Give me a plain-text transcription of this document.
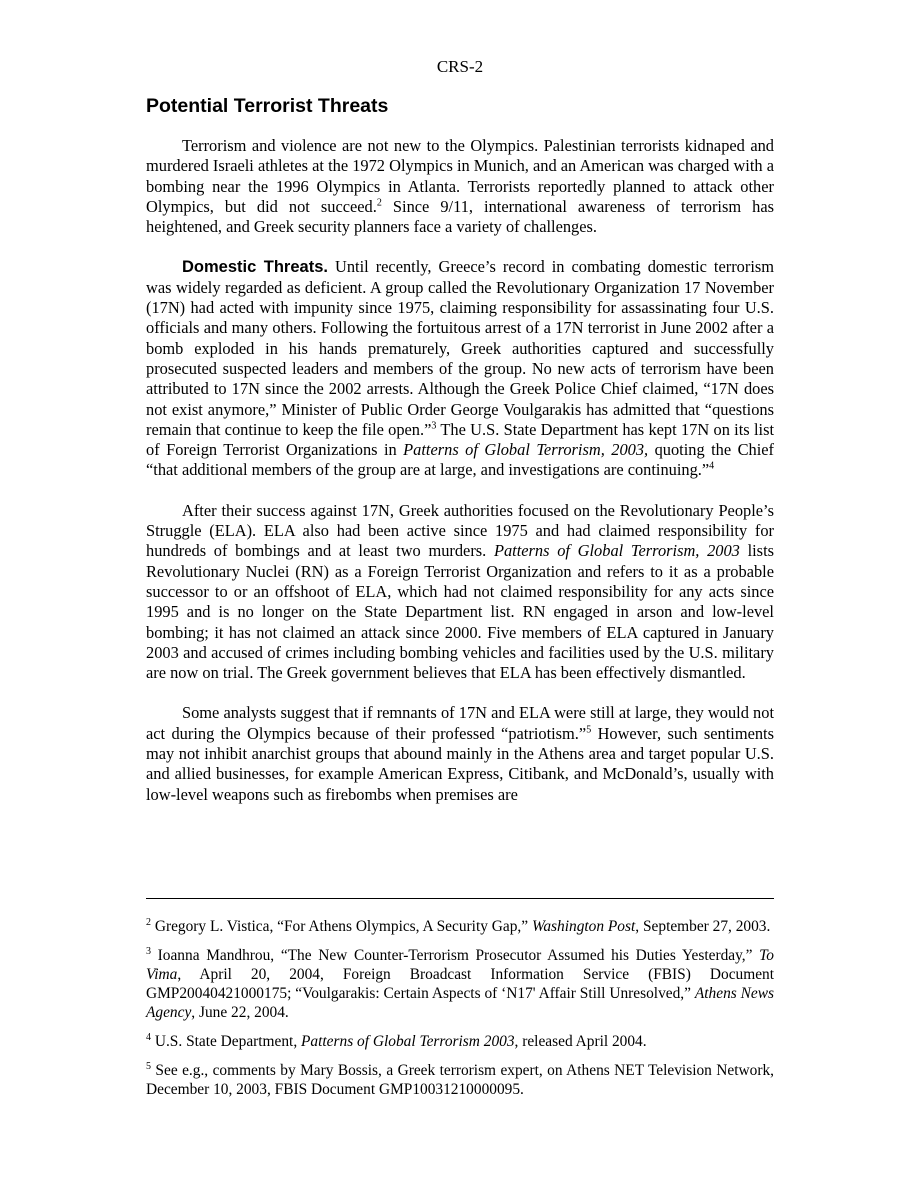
CRS-2
Potential Terrorist Threats

Terrorism and violence are not new to the Olympics. Palestinian terrorists kidnaped and murdered Israeli athletes at the 1972 Olympics in Munich, and an American was charged with a bombing near the 1996 Olympics in Atlanta. Terrorists reportedly planned to attack other Olympics, but did not succeed.$^2$ Since 9/11, international awareness of terrorism has heightened, and Greek security planners face a variety of challenges.

Domestic Threats. Until recently, Greece’s record in combating domestic terrorism was widely regarded as deficient. A group called the Revolutionary Organization 17 November (17N) had acted with impunity since 1975, claiming responsibility for assassinating four U.S. officials and many others. Following the fortuitous arrest of a 17N terrorist in June 2002 after a bomb exploded in his hands prematurely, Greek authorities captured and successfully prosecuted suspected leaders and members of the group. No new acts of terrorism have been attributed to 17N since the 2002 arrests. Although the Greek Police Chief claimed, “17N does not exist anymore,” Minister of Public Order George Voulgarakis has admitted that “questions remain that continue to keep the file open.”$^3$ The U.S. State Department has kept 17N on its list of Foreign Terrorist Organizations in Patterns of Global Terrorism, 2003, quoting the Chief “that additional members of the group are at large, and investigations are continuing.”$^4$

After their success against 17N, Greek authorities focused on the Revolutionary People’s Struggle (ELA). ELA also had been active since 1975 and had claimed responsibility for hundreds of bombings and at least two murders. Patterns of Global Terrorism, 2003 lists Revolutionary Nuclei (RN) as a Foreign Terrorist Organization and refers to it as a probable successor to or an offshoot of ELA, which had not claimed responsibility for any acts since 1995 and is no longer on the State Department list. RN engaged in arson and low-level bombing; it has not claimed an attack since 2000. Five members of ELA captured in January 2003 and accused of crimes including bombing vehicles and facilities used by the U.S. military are now on trial. The Greek government believes that ELA has been effectively dismantled.

Some analysts suggest that if remnants of 17N and ELA were still at large, they would not act during the Olympics because of their professed “patriotism.”$^5$ However, such sentiments may not inhibit anarchist groups that abound mainly in the Athens area and target popular U.S. and allied businesses, for example American Express, Citibank, and McDonald’s, usually with low-level weapons such as firebombs when premises are

$^2$ Gregory L. Vistica, “For Athens Olympics, A Security Gap,” Washington Post, September 27, 2003.

$^3$ Ioanna Mandhrou, “The New Counter-Terrorism Prosecutor Assumed his Duties Yesterday,” To Vima, April 20, 2004, Foreign Broadcast Information Service (FBIS) Document GMP20040421000175; “Voulgarakis: Certain Aspects of ‘N17' Affair Still Unresolved,” Athens News Agency, June 22, 2004.

$^4$ U.S. State Department, Patterns of Global Terrorism 2003, released April 2004.

$^5$ See e.g., comments by Mary Bossis, a Greek terrorism expert, on Athens NET Television Network, December 10, 2003, FBIS Document GMP10031210000095.
